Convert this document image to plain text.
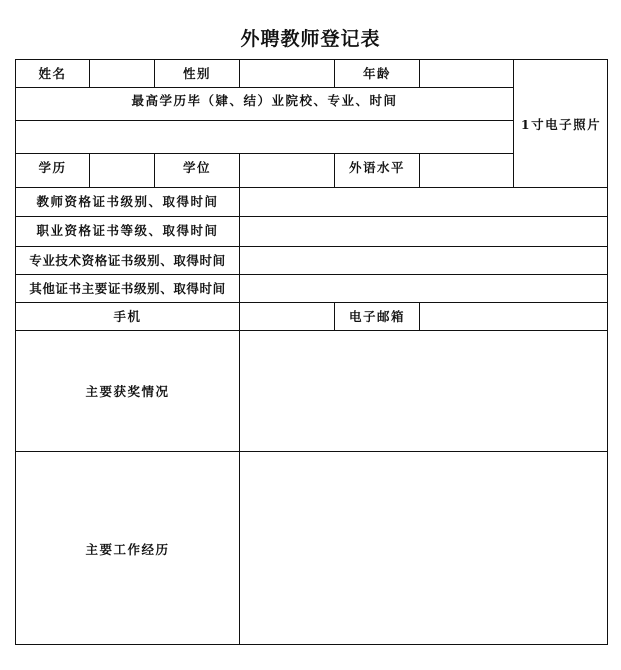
外聘教师登记表
姓名	性别	年龄
1寸电子照片
最高学历毕（肄、结）业院校、专业、时间
学历	学位	外语水平
教师资格证书级别、取得时间
职业资格证书等级、取得时间
专业技术资格证书级别、取得时间
其他证书主要证书级别、取得时间
手机	电子邮箱
主要获奖情况
主要工作经历
